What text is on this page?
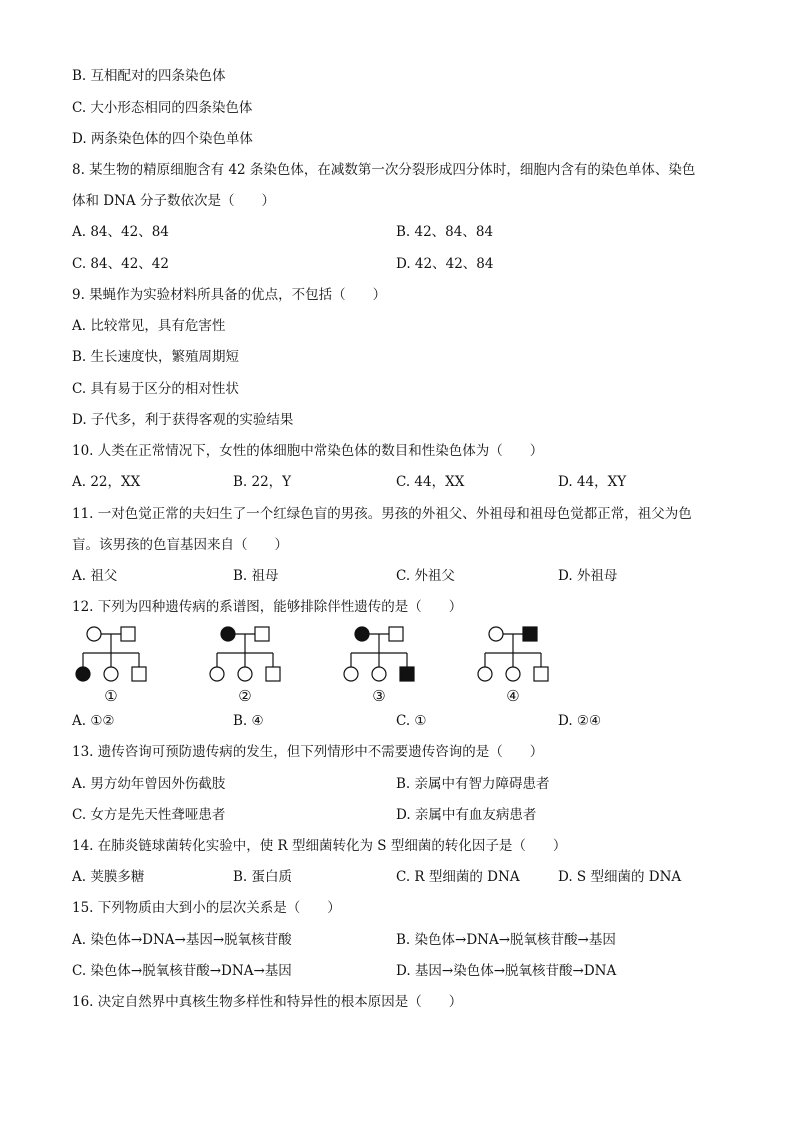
B. 互相配对的四条染色体
C. 大小形态相同的四条染色体
D. 两条染色体的四个染色单体
8. 某生物的精原细胞含有 42 条染色体，在减数第一次分裂形成四分体时，细胞内含有的染色单体、染色
体和 DNA 分子数依次是（　　）
A. 84、42、84	B. 42、84、84
C. 84、42、42	D. 42、42、84
9. 果蝇作为实验材料所具备的优点，不包括（　　）
A. 比较常见，具有危害性
B. 生长速度快，繁殖周期短
C. 具有易于区分的相对性状
D. 子代多，利于获得客观的实验结果
10. 人类在正常情况下，女性的体细胞中常染色体的数目和性染色体为（　　）
A. 22，XX	B. 22，Y	C. 44，XX	D. 44，XY
11. 一对色觉正常的夫妇生了一个红绿色盲的男孩。男孩的外祖父、外祖母和祖母色觉都正常，祖父为色
盲。该男孩的色盲基因来自（　　）
A. 祖父	B. 祖母	C. 外祖父	D. 外祖母
12. 下列为四种遗传病的系谱图，能够排除伴性遗传的是（　　）
①	②	③	④
A. ①②	B. ④	C. ①	D. ②④
13. 遗传咨询可预防遗传病的发生，但下列情形中不需要遗传咨询的是（　　）
A. 男方幼年曾因外伤截肢	B. 亲属中有智力障碍患者
C. 女方是先天性聋哑患者	D. 亲属中有血友病患者
14. 在肺炎链球菌转化实验中，使 R 型细菌转化为 S 型细菌的转化因子是（　　）
A. 荚膜多糖	B. 蛋白质	C. R 型细菌的 DNA	D. S 型细菌的 DNA
15. 下列物质由大到小的层次关系是（　　）
A. 染色体→DNA→基因→脱氧核苷酸	B. 染色体→DNA→脱氧核苷酸→基因
C. 染色体→脱氧核苷酸→DNA→基因	D. 基因→染色体→脱氧核苷酸→DNA
16. 决定自然界中真核生物多样性和特异性的根本原因是（　　）
